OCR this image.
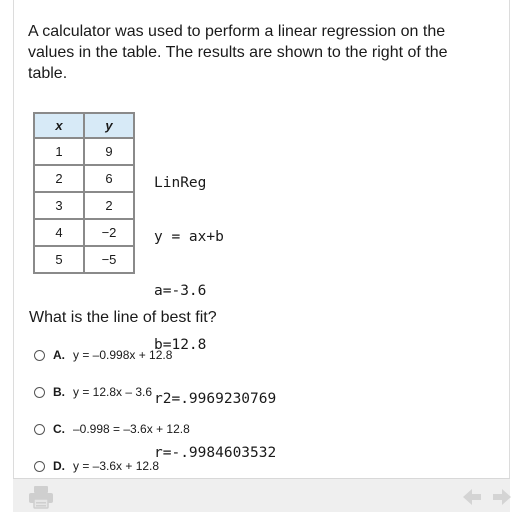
A calculator was used to perform a linear regression on the
values in the table. The results are shown to the right of the
table.
x	y
1	9
2	6
3	2
4	−2
5	−5

LinReg

y = ax+b

a=-3.6

b=12.8

r2=.9969230769

r=-.9984603532

What is the line of best fit?
A. y = –0.998x + 12.8
B. y = 12.8x – 3.6
C. –0.998 = –3.6x + 12.8
D. y = –3.6x + 12.8
